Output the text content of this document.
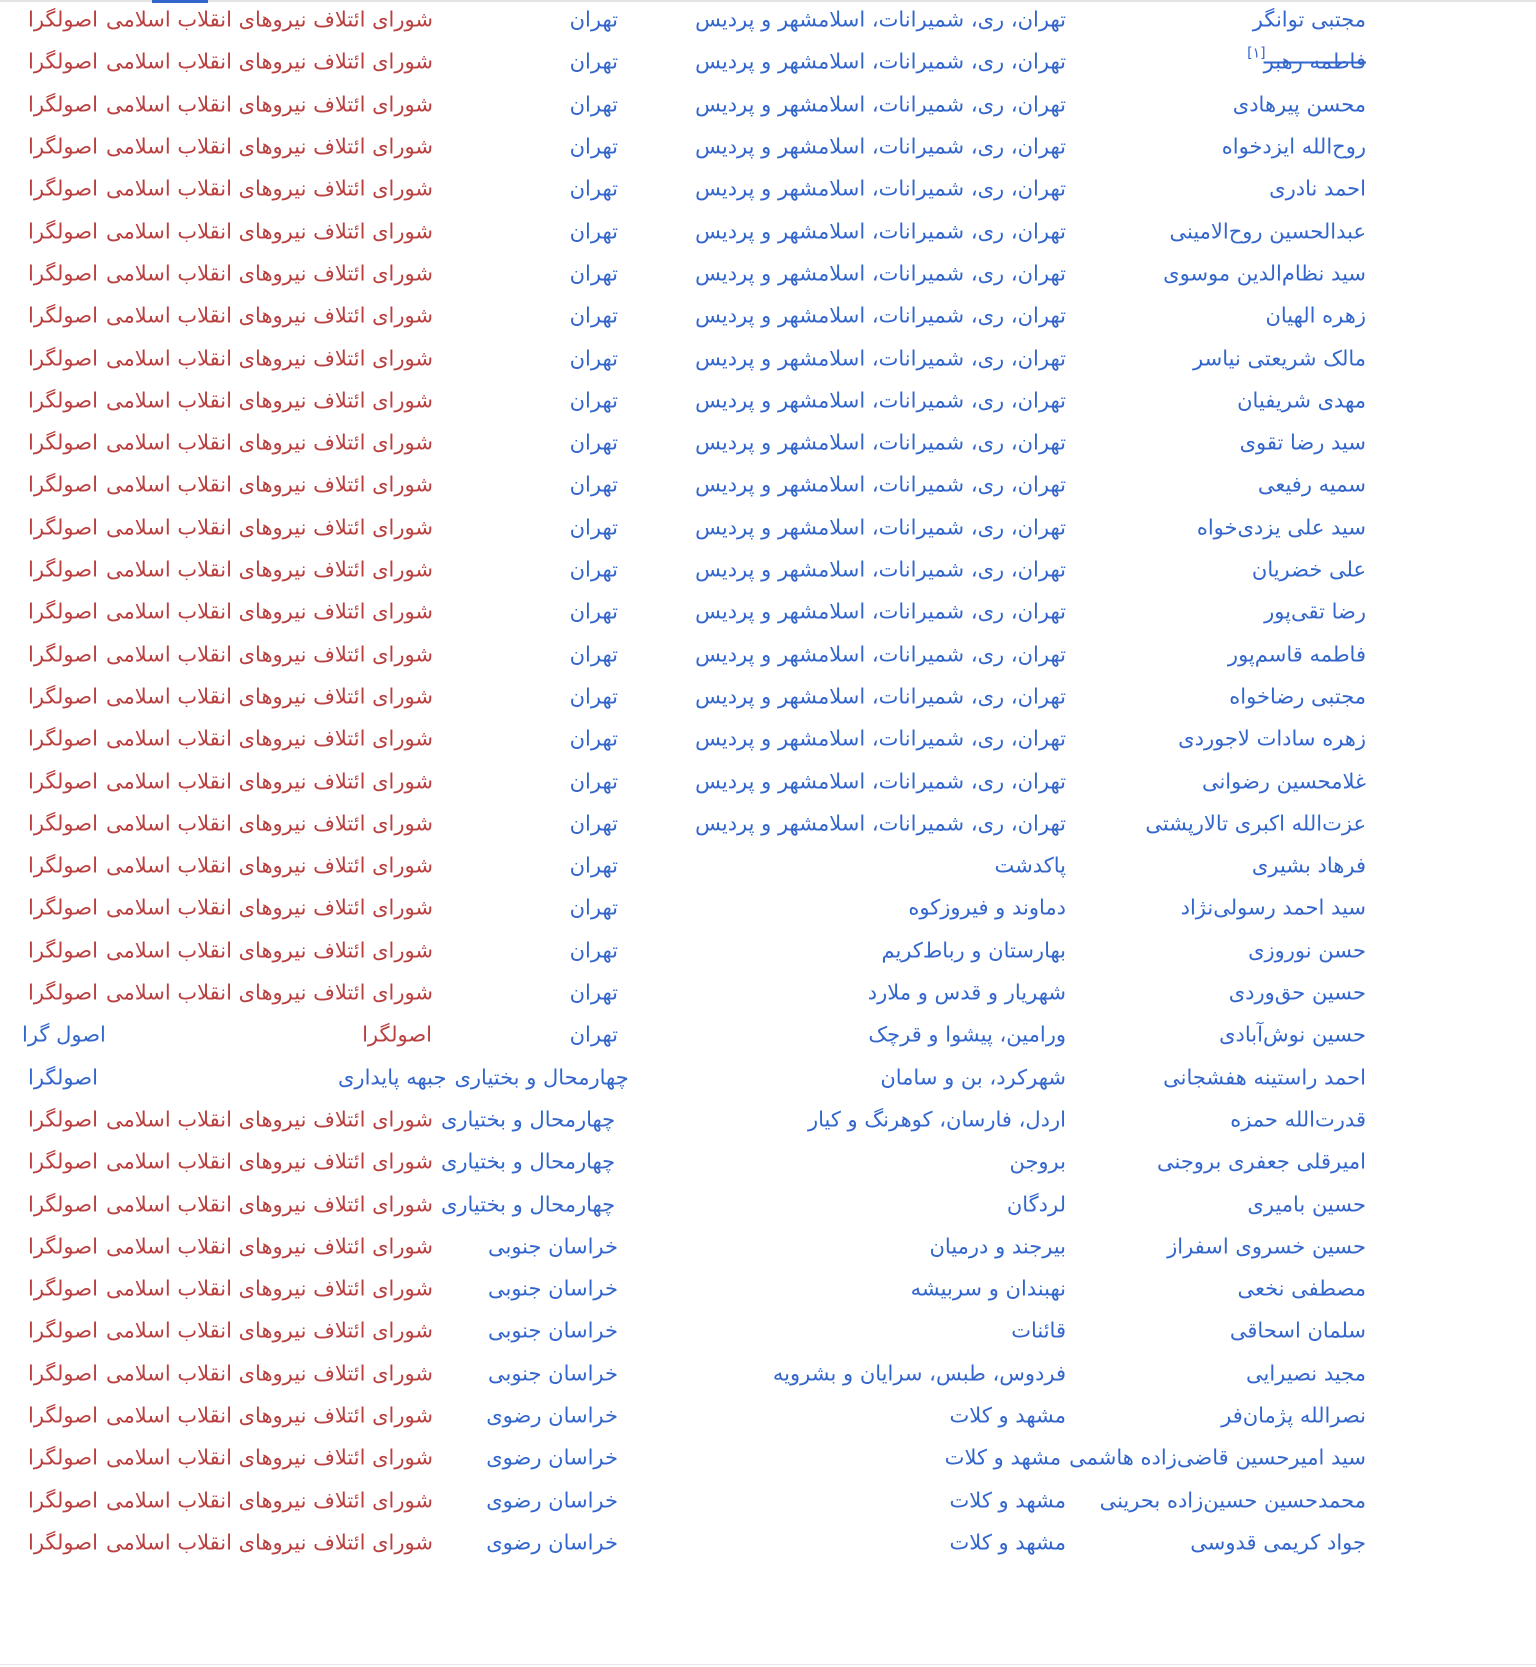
مجتبی توانگر
تهران، ری، شمیرانات، اسلامشهر و پردیس
تهران
شورای ائتلاف نیروهای انقلاب اسلامی
اصولگرا
فاطمه رهبر
تهران، ری، شمیرانات، اسلامشهر و پردیس
تهران
شورای ائتلاف نیروهای انقلاب اسلامی
اصولگرا	[۱]
محسن پیرهادی
تهران، ری، شمیرانات، اسلامشهر و پردیس
تهران
شورای ائتلاف نیروهای انقلاب اسلامی
اصولگرا
روح‌الله ایزدخواه
تهران، ری، شمیرانات، اسلامشهر و پردیس
تهران
شورای ائتلاف نیروهای انقلاب اسلامی
اصولگرا
احمد نادری
تهران، ری، شمیرانات، اسلامشهر و پردیس
تهران
شورای ائتلاف نیروهای انقلاب اسلامی
اصولگرا
عبدالحسین روح‌الامینی
تهران، ری، شمیرانات، اسلامشهر و پردیس
تهران
شورای ائتلاف نیروهای انقلاب اسلامی
اصولگرا
سید نظام‌الدین موسوی
تهران، ری، شمیرانات، اسلامشهر و پردیس
تهران
شورای ائتلاف نیروهای انقلاب اسلامی
اصولگرا
زهره الهیان
تهران، ری، شمیرانات، اسلامشهر و پردیس
تهران
شورای ائتلاف نیروهای انقلاب اسلامی
اصولگرا
مالک شریعتی نیاسر
تهران، ری، شمیرانات، اسلامشهر و پردیس
تهران
شورای ائتلاف نیروهای انقلاب اسلامی
اصولگرا
مهدی شریفیان
تهران، ری، شمیرانات، اسلامشهر و پردیس
تهران
شورای ائتلاف نیروهای انقلاب اسلامی
اصولگرا
سید رضا تقوی
تهران، ری، شمیرانات، اسلامشهر و پردیس
تهران
شورای ائتلاف نیروهای انقلاب اسلامی
اصولگرا
سمیه رفیعی
تهران، ری، شمیرانات، اسلامشهر و پردیس
تهران
شورای ائتلاف نیروهای انقلاب اسلامی
اصولگرا
سید علی یزدی‌خواه
تهران، ری، شمیرانات، اسلامشهر و پردیس
تهران
شورای ائتلاف نیروهای انقلاب اسلامی
اصولگرا
علی خضریان
تهران، ری، شمیرانات، اسلامشهر و پردیس
تهران
شورای ائتلاف نیروهای انقلاب اسلامی
اصولگرا
رضا تقی‌پور
تهران، ری، شمیرانات، اسلامشهر و پردیس
تهران
شورای ائتلاف نیروهای انقلاب اسلامی
اصولگرا
فاطمه قاسم‌پور
تهران، ری، شمیرانات، اسلامشهر و پردیس
تهران
شورای ائتلاف نیروهای انقلاب اسلامی
اصولگرا
مجتبی رضاخواه
تهران، ری، شمیرانات، اسلامشهر و پردیس
تهران
شورای ائتلاف نیروهای انقلاب اسلامی
اصولگرا
زهره سادات لاجوردی
تهران، ری، شمیرانات، اسلامشهر و پردیس
تهران
شورای ائتلاف نیروهای انقلاب اسلامی
اصولگرا
غلامحسین رضوانی
تهران، ری، شمیرانات، اسلامشهر و پردیس
تهران
شورای ائتلاف نیروهای انقلاب اسلامی
اصولگرا
عزت‌الله اکبری تالارپشتی
تهران، ری، شمیرانات، اسلامشهر و پردیس
تهران
شورای ائتلاف نیروهای انقلاب اسلامی
اصولگرا
فرهاد بشیری
پاکدشت
تهران
شورای ائتلاف نیروهای انقلاب اسلامی
اصولگرا
سید احمد رسولی‌نژاد
دماوند و فیروزکوه
تهران
شورای ائتلاف نیروهای انقلاب اسلامی
اصولگرا
حسن نوروزی
بهارستان و رباط‌کریم
تهران
شورای ائتلاف نیروهای انقلاب اسلامی
اصولگرا
حسین حق‌وردی
شهریار و قدس و ملارد
تهران
شورای ائتلاف نیروهای انقلاب اسلامی
اصولگرا
حسین نوش‌آبادی
ورامین، پیشوا و قرچک
تهران
اصولگرا
اصول گرا
احمد راستینه هفشجانی
شهرکرد، بن و سامان
چهارمحال و بختیاری
جبهه پایداری
اصولگرا
قدرت‌الله حمزه
اردل، فارسان، کوهرنگ و کیار
چهارمحال و بختیاری
شورای ائتلاف نیروهای انقلاب اسلامی
اصولگرا
امیرقلی جعفری بروجنی
بروجن
چهارمحال و بختیاری
شورای ائتلاف نیروهای انقلاب اسلامی
اصولگرا
حسین بامیری
لردگان
چهارمحال و بختیاری
شورای ائتلاف نیروهای انقلاب اسلامی
اصولگرا
حسین خسروی اسفراز
بیرجند و درمیان
خراسان جنوبی
شورای ائتلاف نیروهای انقلاب اسلامی
اصولگرا
مصطفی نخعی
نهبندان و سربیشه
خراسان جنوبی
شورای ائتلاف نیروهای انقلاب اسلامی
اصولگرا
سلمان اسحاقی
قائنات
خراسان جنوبی
شورای ائتلاف نیروهای انقلاب اسلامی
اصولگرا
مجید نصیرایی
فردوس، طبس، سرایان و بشرویه
خراسان جنوبی
شورای ائتلاف نیروهای انقلاب اسلامی
اصولگرا
نصرالله پژمان‌فر
مشهد و کلات
خراسان رضوی
شورای ائتلاف نیروهای انقلاب اسلامی
اصولگرا
سید امیرحسین قاضی‌زاده هاشمی
مشهد و کلات
خراسان رضوی
شورای ائتلاف نیروهای انقلاب اسلامی
اصولگرا
محمدحسین حسین‌زاده بحرینی
مشهد و کلات
خراسان رضوی
شورای ائتلاف نیروهای انقلاب اسلامی
اصولگرا
جواد کریمی قدوسی
مشهد و کلات
خراسان رضوی
شورای ائتلاف نیروهای انقلاب اسلامی
اصولگرا
